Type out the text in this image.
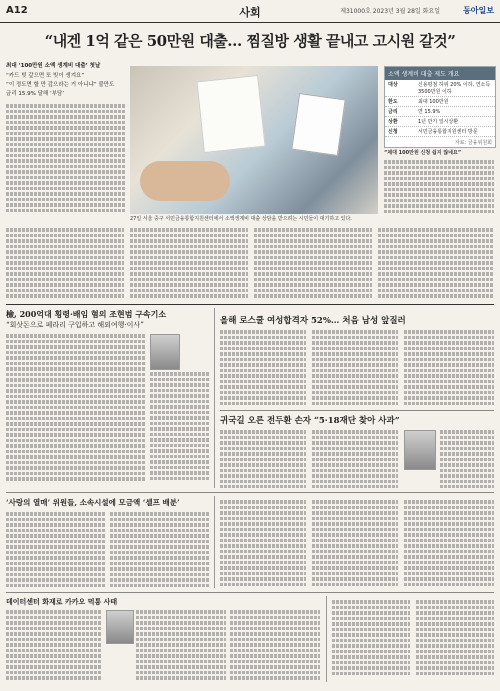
A12	사회	제31000호 2023년 3월 28일 화요일	동아일보
“내겐 1억 같은 50만원 대출… 찜질방 생활 끝내고 고시원 갈것”
최대 ‘100만원 소액 생계비 대출’ 첫날
“카드 빚 갚으면 또 빚이 생겨요”
“이 정도면 할 만 갚으라는 거 아니냐” 불만도
금리 15.9% 달해 ‘부담’
27일 서울 중구 서민금융통합지원센터에서 소액생계비 대출 상담을 받으려는 시민들이 대기하고 있다.
소액 생계비 대출 제도 개요
대상	신용평점 하위 20% 이하, 연소득 3500만원 이하
한도	최대 100만원
금리	연 15.9%
상환	1년 만기 일시상환
신청	서민금융통합지원센터 방문
자료: 금융위원회
“제대 100만원 신청 쉽지 않네요”
檢, 200억대 횡령·배임 혐의 조현범 구속기소
“회삿돈으로 페라리 구입하고 해외여행·이사”	올해 로스쿨 여성합격자 52%… 처음 남성 앞질러
귀국길 오른 전두환 손자 “5·18재단 찾아 사과”
‘사랑의 열매’ 위원들, 소속시설에 모금액 ‘셀프 배분’
데이터센터 화재로 카카오 먹통 사태
